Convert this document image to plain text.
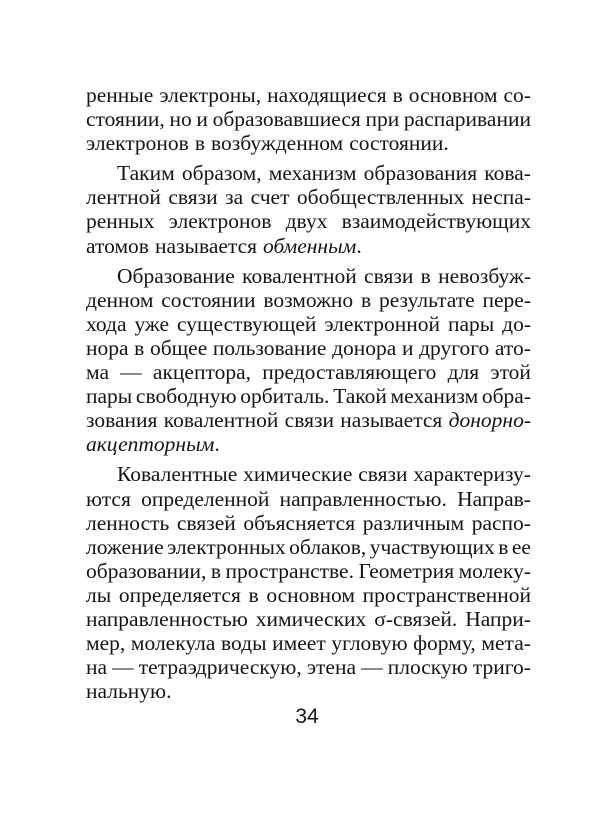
ренные электроны, находящиеся в основном со-
стоянии, но и образовавшиеся при распаривании
электронов в возбужденном состоянии.
Таким образом, механизм образования кова-
лентной связи за счет обобществленных неспа-
ренных электронов двух взаимодействующих
атомов называется обменным.
Образование ковалентной связи в невозбуж-
денном состоянии возможно в результате пере-
хода уже существующей электронной пары до-
нора в общее пользование донора и другого ато-
ма — акцептора, предоставляющего для этой
пары свободную орбиталь. Такой механизм обра-
зования ковалентной связи называется донорно-
акцепторным.
Ковалентные химические связи характеризу-
ются определенной направленностью. Направ-
ленность связей объясняется различным распо-
ложение электронных облаков, участвующих в ее
образовании, в пространстве. Геометрия молеку-
лы определяется в основном пространственной
направленностью химических σ-связей. Напри-
мер, молекула воды имеет угловую форму, мета-
на — тетраэдрическую, этена — плоскую триго-
нальную.
34
